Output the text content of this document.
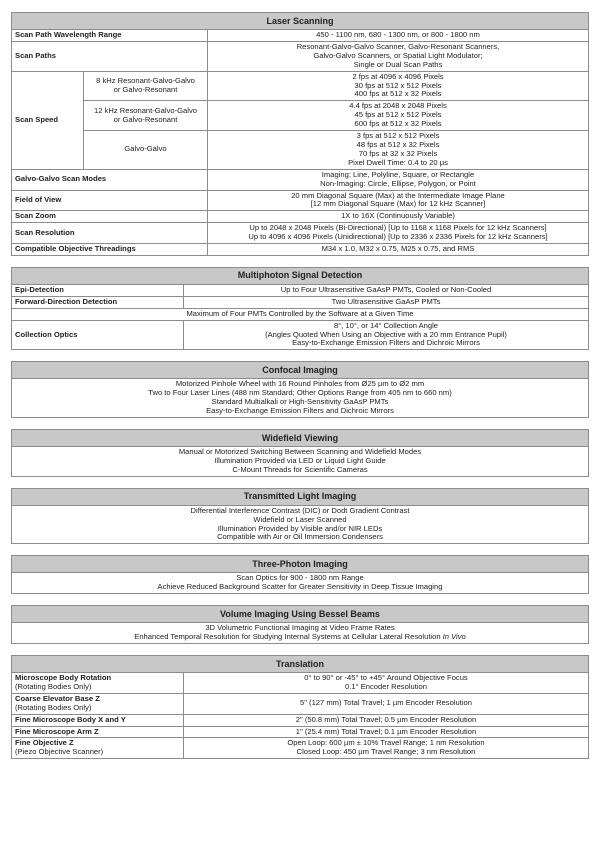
Laser Scanning		
Scan Path Wavelength Range		450 - 1100 nm, 680 - 1300 nm, or 800 - 1800 nm
Scan Paths		Resonant-Galvo-Galvo Scanner, Galvo-Resonant Scanners,
Galvo-Galvo Scanners, or Spatial Light Modulator;
Single or Dual Scan Paths

Scan Speed	8 kHz Resonant-Galvo-Galvo
or Galvo-Resonant	2 fps at 4096 x 4096 Pixels
30 fps at 512 x 512 Pixels
400 fps at 512 x 32 Pixels

	12 kHz Resonant-Galvo-Galvo
or Galvo-Resonant	4.4 fps at 2048 x 2048 Pixels
45 fps at 512 x 512 Pixels
600 fps at 512 x 32 Pixels

	Galvo-Galvo	3 fps at 512 x 512 Pixels
48 fps at 512 x 32 Pixels
70 fps at 32 x 32 Pixels
Pixel Dwell Time: 0.4 to 20 µs

Galvo-Galvo Scan Modes		Imaging: Line, Polyline, Square, or Rectangle
Non-Imaging: Circle, Ellipse, Polygon, or Point

Field of View		20 mm Diagonal Square (Max) at the Intermediate Image Plane
[12 mm Diagonal Square (Max) for 12 kHz Scanner]

Scan Zoom		1X to 16X (Continuously Variable)
Scan Resolution		Up to 2048 x 2048 Pixels (Bi-Directional) [Up to 1168 x 1168 Pixels for 12 kHz Scanners]
Up to 4096 x 4096 Pixels (Unidirectional) [Up to 2336 x 2336 Pixels for 12 kHz Scanners]

Compatible Objective Threadings		M34 x 1.0, M32 x 0.75, M25 x 0.75, and RMS
Multiphoton Signal Detection	
Epi-Detection	Up to Four Ultrasensitive GaAsP PMTs, Cooled or Non-Cooled
Forward-Direction Detection	Two Ultrasensitive GaAsP PMTs
Maximum of Four PMTs Controlled by the Software at a Given Time	
Collection Optics	8°, 10°, or 14° Collection Angle
(Angles Quoted When Using an Objective with a 20 mm Entrance Pupil)
Easy-to-Exchange Emission Filters and Dichroic Mirrors
Confocal Imaging

Motorized Pinhole Wheel with 16 Round Pinholes from Ø25 µm to Ø2 mm
Two to Four Laser Lines (488 nm Standard; Other Options Range from 405 nm to 660 nm)
Standard Multialkali or High-Sensitivity GaAsP PMTs
Easy-to-Exchange Emission Filters and Dichroic Mirrors
Widefield Viewing

Manual or Motorized Switching Between Scanning and Widefield Modes
Illumination Provided via LED or Liquid Light Guide
C-Mount Threads for Scientific Cameras
Transmitted Light Imaging

Differential Interference Contrast (DIC) or Dodt Gradient Contrast
Widefield or Laser Scanned
Illumination Provided by Visible and/or NIR LEDs
Compatible with Air or Oil Immersion Condensers
Three-Photon Imaging

Scan Optics for 900 - 1800 nm Range
Achieve Reduced Background Scatter for Greater Sensitivity in Deep Tissue Imaging
Volume Imaging Using Bessel Beams

3D Volumetric Functional Imaging at Video Frame Rates
Enhanced Temporal Resolution for Studying Internal Systems at Cellular Lateral Resolution In Vivo
Translation	

Microscope Body Rotation
(Rotating Bodies Only)	0° to 90° or -45° to +45° Around Objective Focus
0.1° Encoder Resolution

Coarse Elevator Base Z
(Rotating Bodies Only)	5" (127 mm) Total Travel; 1 µm Encoder Resolution
Fine Microscope Body X and Y	2" (50.8 mm) Total Travel; 0.5 µm Encoder Resolution
Fine Microscope Arm Z	1" (25.4 mm) Total Travel; 0.1 µm Encoder Resolution

Fine Objective Z
(Piezo Objective Scanner)	Open Loop: 600 µm ± 10% Travel Range; 1 nm Resolution
Closed Loop: 450 µm Travel Range; 3 nm Resolution
